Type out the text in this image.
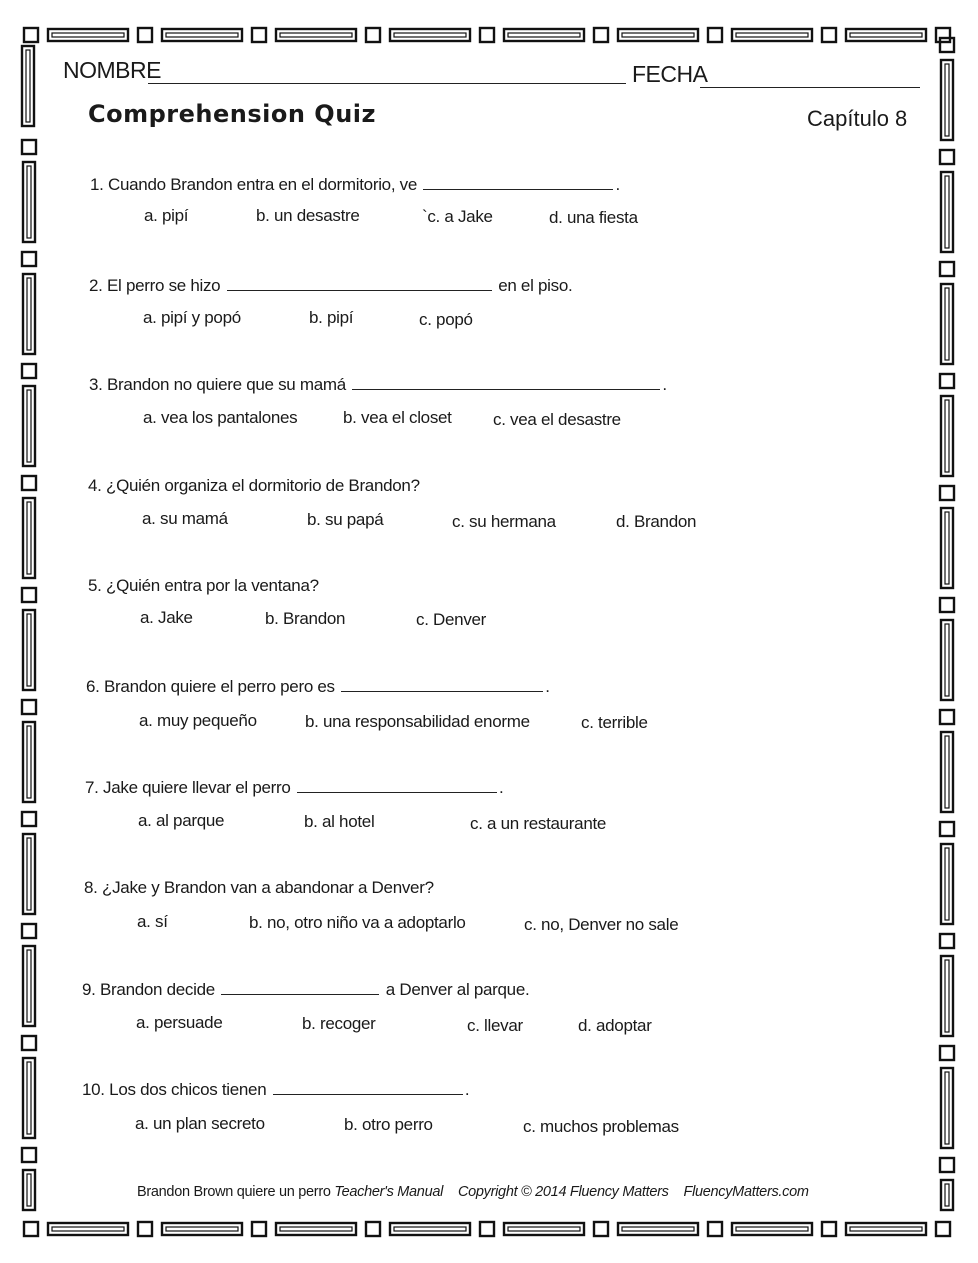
NOMBRE	FECHA
Comprehension Quiz	Capítulo 8
1. Cuando Brandon entra en el dormitorio, ve	.
a. pipí	b. un desastre	`c. a Jake	d. una fiesta
2. El perro se hizo	en el piso.
a. pipí y popó	b. pipí	c. popó
3. Brandon no quiere que su mamá	.
a. vea los pantalones	b. vea el closet c. vea el desastre
4. ¿Quién organiza el dormitorio de Brandon?
a. su mamá	b. su papá	c. su hermana	d. Brandon
5. ¿Quién entra por la ventana?
a. Jake	b. Brandon	c. Denver
6. Brandon quiere el perro pero es	.
a. muy pequeño	b. una responsabilidad enorme	c. terrible
7. Jake quiere llevar el perro	.
a. al parque	b. al hotel	c. a un restaurante
8. ¿Jake y Brandon van a abandonar a Denver?
a. sí	b. no, otro niño va a adoptarlo	c. no, Denver no sale
9. Brandon decide	a Denver al parque.
a. persuade	b. recoger	c. llevar	d. adoptar
10. Los dos chicos tienen	.
a. un plan secreto	b. otro perro	c. muchos problemas
Brandon Brown quiere un perro Teacher's Manual Copyright © 2014 Fluency Matters FluencyMatters.com
